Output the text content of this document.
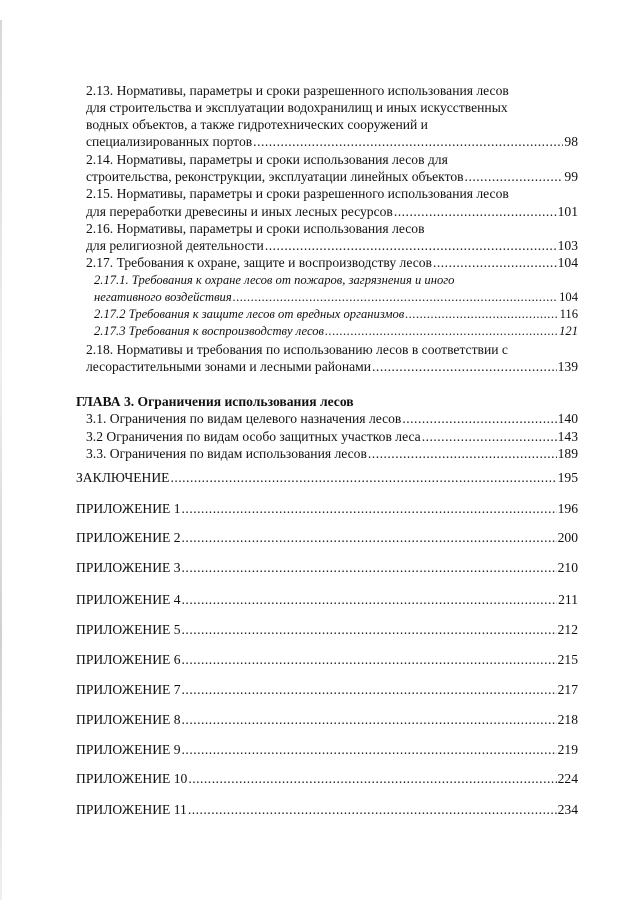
2.13. Нормативы, параметры и сроки разрешенного использования лесов
для строительства и эксплуатации водохранилищ и иных искусственных
водных объектов, а также гидротехнических сооружений и
специализированных портов .....	98
2.14. Нормативы, параметры и сроки использования лесов для
строительства, реконструкции, эксплуатации линейных объектов .....	99
2.15. Нормативы, параметры и сроки разрешенного использования лесов
для переработки древесины и иных лесных ресурсов .....	101
2.16. Нормативы, параметры и сроки использования лесов
для религиозной деятельности .....	103
2.17. Требования к охране, защите и воспроизводству лесов .....	104
2.17.1. Требования к охране лесов от пожаров, загрязнения и иного
негативного воздействия .....	104
2.17.2 Требования к защите лесов от вредных организмов .....	116
2.17.3 Требования к воспроизводству лесов .....	121
2.18. Нормативы и требования по использованию лесов в соответствии с
лесорастительными зонами и лесными районами .....	139
ГЛАВА 3. Ограничения использования лесов
3.1. Ограничения по видам целевого назначения лесов .....	140
3.2 Ограничения по видам особо защитных участков леса .....	143
3.3. Ограничения по видам использования лесов .....	189
ЗАКЛЮЧЕНИЕ .....	195
ПРИЛОЖЕНИЕ 1 .....	196
ПРИЛОЖЕНИЕ 2 .....	200
ПРИЛОЖЕНИЕ 3 .....	210
ПРИЛОЖЕНИЕ 4 .....	211
ПРИЛОЖЕНИЕ 5 .....	212
ПРИЛОЖЕНИЕ 6 .....	215
ПРИЛОЖЕНИЕ 7 .....	217
ПРИЛОЖЕНИЕ 8 .....	218
ПРИЛОЖЕНИЕ 9 .....	219
ПРИЛОЖЕНИЕ 10 .....	224
ПРИЛОЖЕНИЕ 11 .....	234
